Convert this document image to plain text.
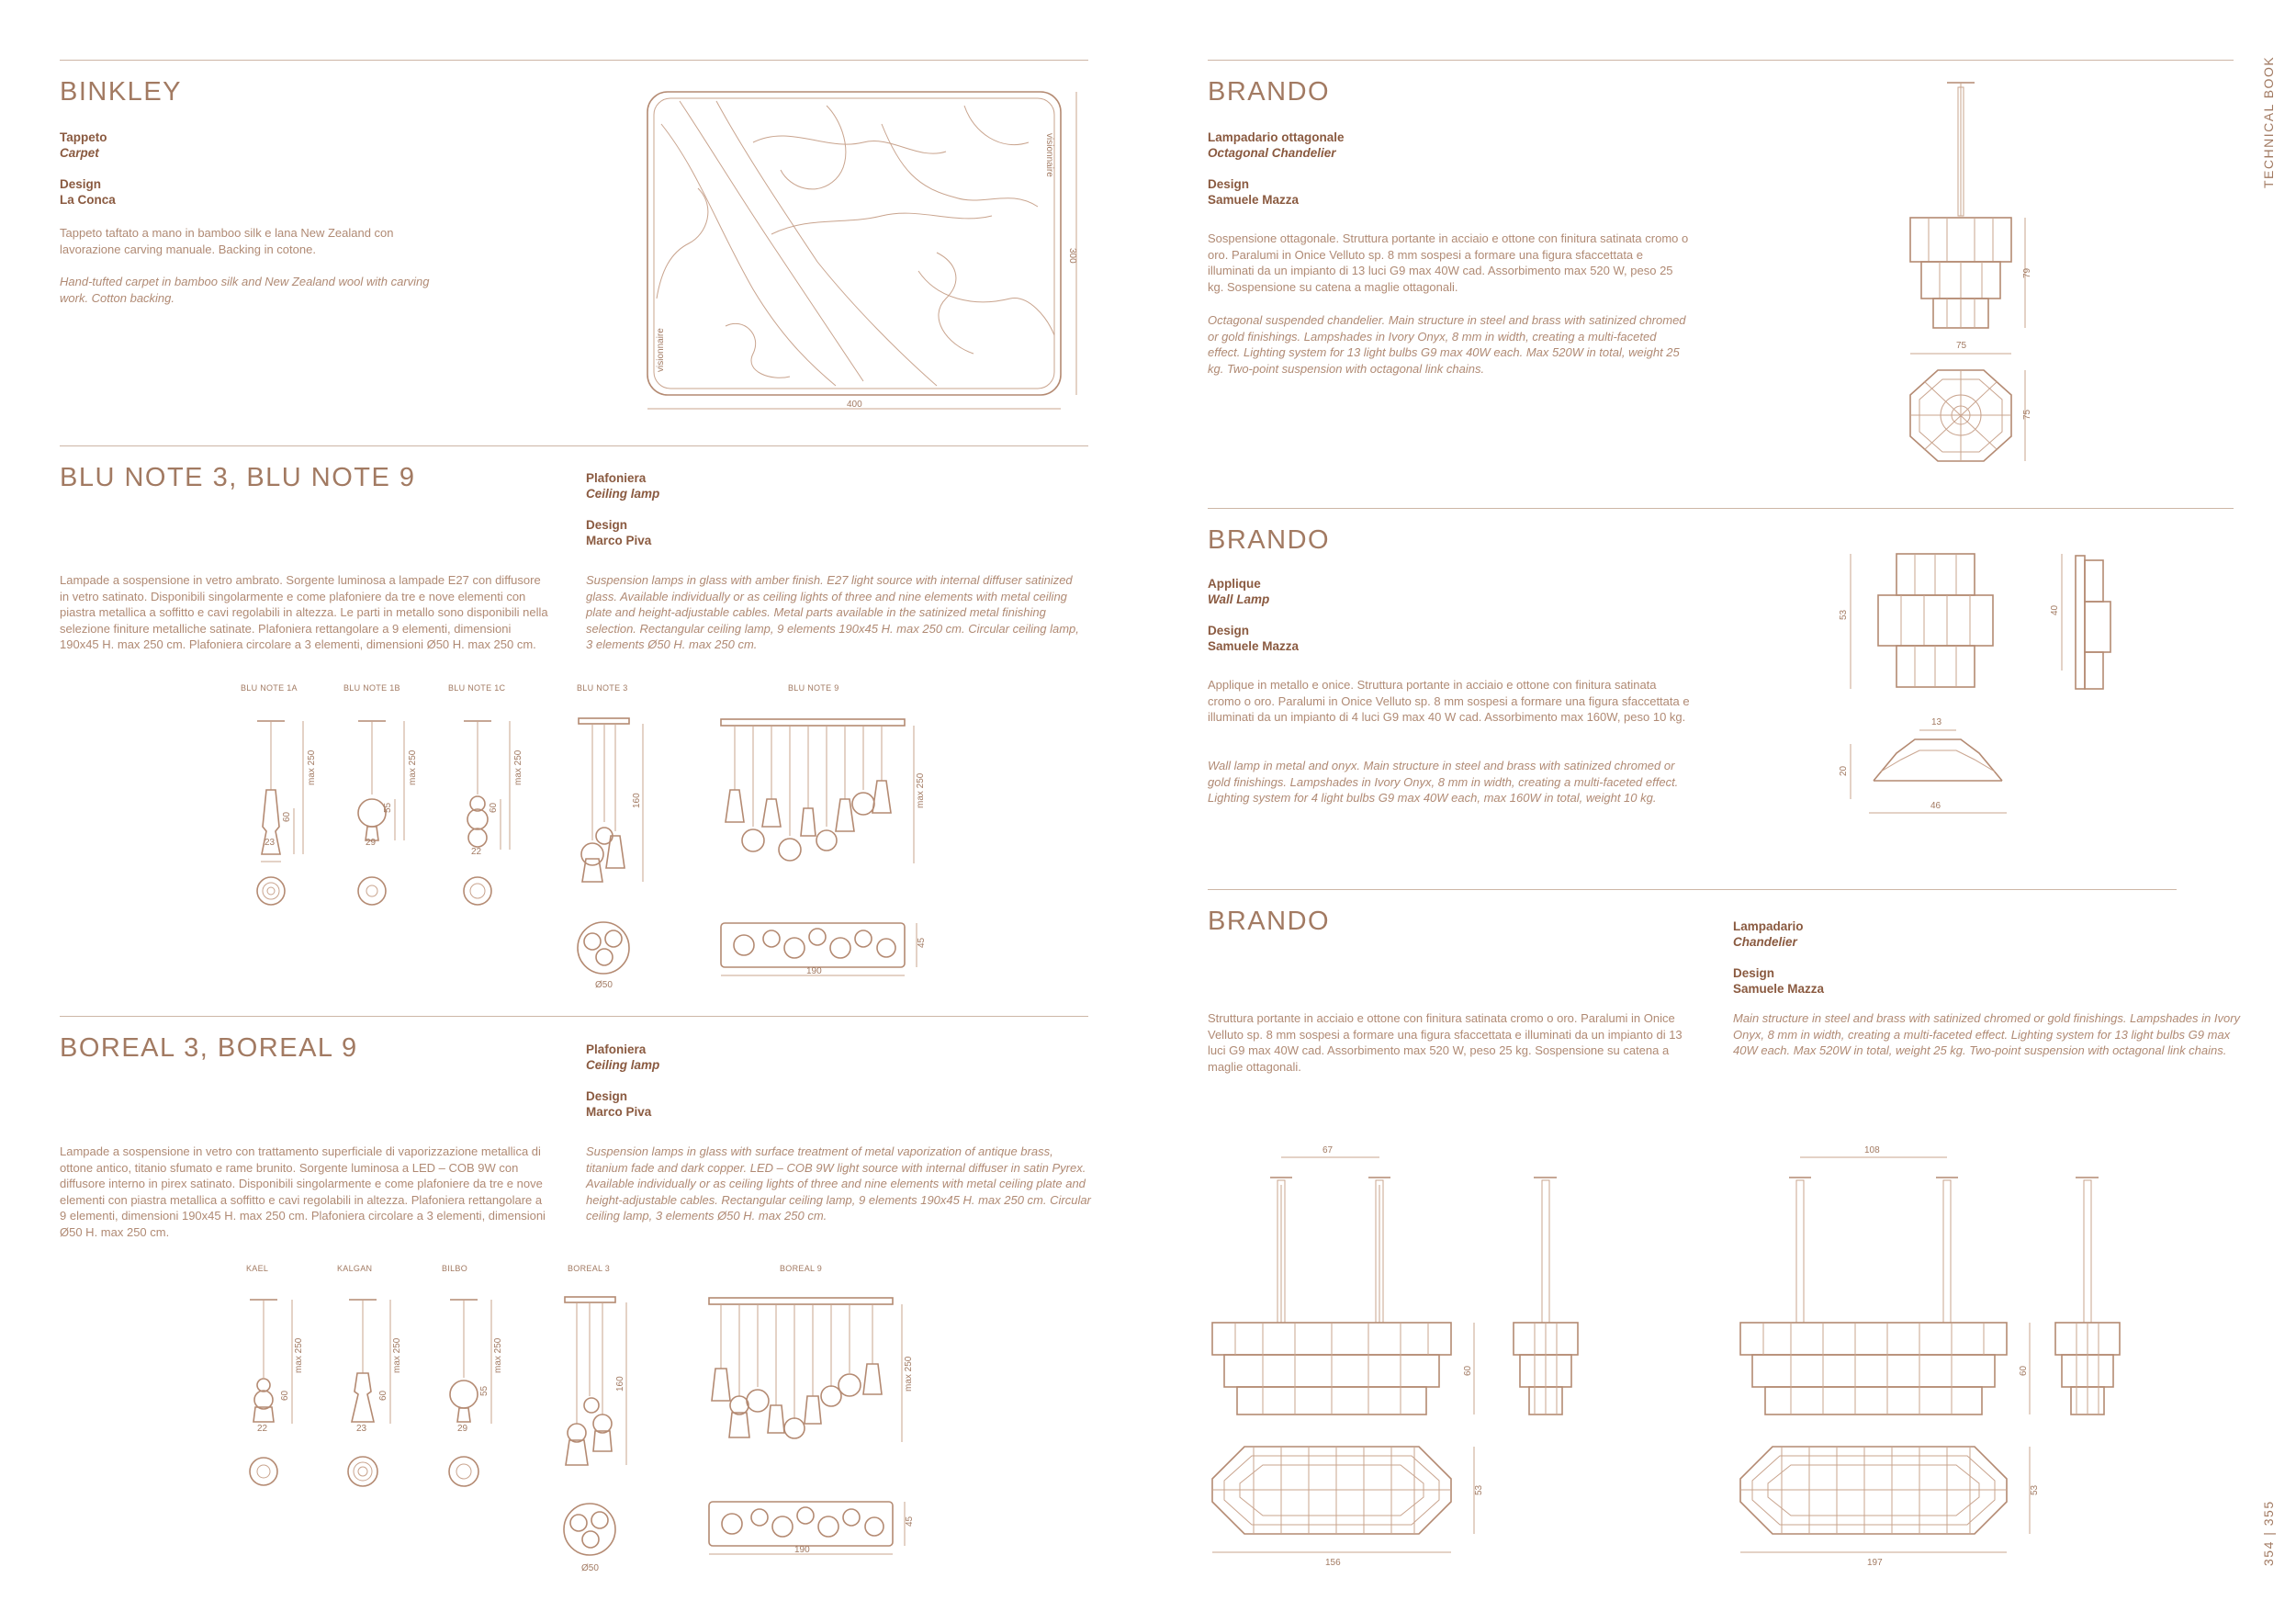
BINKLEY
Tappeto
Carpet
Design
La Conca
Tappeto taftato a mano in bamboo silk e lana New Zealand con lavorazione carving manuale. Backing in cotone.
Hand-tufted carpet in bamboo silk and New Zealand wool with carving work. Cotton backing.
300
400
visionnaire
visionnaire
BLU NOTE 3, BLU NOTE 9	Plafoniera
Ceiling lamp
Design
Marco Piva
Lampade a sospensione in vetro ambrato. Sorgente luminosa a lampade E27 con diffusore in vetro satinato. Disponibili singolarmente e come plafoniere da tre e nove elementi con piastra metallica a soffitto e cavi regolabili in altezza. Le parti in metallo sono disponibili nella selezione finiture metalliche satinate. Plafoniera rettangolare a 9 elementi, dimensioni 190x45 H. max 250 cm. Plafoniera circolare a 3 elementi, dimensioni Ø50 H. max 250 cm.
Suspension lamps in glass with amber finish. E27 light source with internal diffuser satinized glass. Available individually or as ceiling lights of three and nine elements with metal ceiling plate and height-adjustable cables. Metal parts available in the satinized metal finishing selection. Rectangular ceiling lamp, 9 elements 190x45 H. max 250 cm. Circular ceiling lamp, 3 elements Ø50 H. max 250 cm.
BLU NOTE 1A	BLU NOTE 1B	BLU NOTE 1C	BLU NOTE 3	BLU NOTE 9
60
max 250
23
55
max 250
29
60
max 250
22
160
Ø50
max 250
190
45
BOREAL 3, BOREAL 9	Plafoniera
Ceiling lamp
Design
Marco Piva
Lampade a sospensione in vetro con trattamento superficiale di vaporizzazione metallica di ottone antico, titanio sfumato e rame brunito. Sorgente luminosa a LED – COB 9W con diffusore interno in pirex satinato. Disponibili singolarmente e come plafoniere da tre e nove elementi con piastra metallica a soffitto e cavi regolabili in altezza. Plafoniera rettangolare a 9 elementi, dimensioni 190x45 H. max 250 cm. Plafoniera circolare a 3 elementi, dimensioni Ø50 H. max 250 cm.
Suspension lamps in glass with surface treatment of metal vaporization of antique brass, titanium fade and dark copper. LED – COB 9W light source with internal diffuser in satin Pyrex. Available individually or as ceiling lights of three and nine elements with metal ceiling plate and height-adjustable cables. Rectangular ceiling lamp, 9 elements 190x45 H. max 250 cm. Circular ceiling lamp, 3 elements Ø50 H. max 250 cm.
KAEL	KALGAN	BILBO	BOREAL 3	BOREAL 9
60
max 250
22
60
max 250
23
55
max 250
29
160
Ø50
max 250
190
45
BRANDO
Lampadario ottagonale
Octagonal Chandelier
Design
Samuele Mazza
Sospensione ottagonale. Struttura portante in acciaio e ottone con finitura satinata cromo o oro. Paralumi in Onice Velluto sp. 8 mm sospesi a formare una figura sfaccettata e illuminati da un impianto di 13 luci G9 max 40W cad. Assorbimento max 520 W, peso 25 kg. Sospensione su catena a maglie ottagonali.
Octagonal suspended chandelier. Main structure in steel and brass with satinized chromed or gold finishings. Lampshades in Ivory Onyx, 8 mm in width, creating a multi-faceted effect. Lighting system for 13 light bulbs G9 max 40W each. Max 520W in total, weight 25 kg. Two-point suspension with octagonal link chains.
79
75
75
BRANDO
Applique
Wall Lamp
Design
Samuele Mazza
Applique in metallo e onice. Struttura portante in acciaio e ottone con finitura satinata cromo o oro. Paralumi in Onice Velluto sp. 8 mm sospesi a formare una figura sfaccettata e illuminati da un impianto di 4 luci G9 max 40 W cad. Assorbimento max 160W, peso 10 kg.
Wall lamp in metal and onyx. Main structure in steel and brass with satinized chromed or gold finishings. Lampshades in Ivory Onyx, 8 mm in width, creating a multi-faceted effect. Lighting system for 4 light bulbs G9 max 40W each, max 160W in total, weight 10 kg.
53	40
13
20
46
BRANDO	Lampadario
Chandelier
Design
Samuele Mazza
Struttura portante in acciaio e ottone con finitura satinata cromo o oro. Paralumi in Onice Velluto sp. 8 mm sospesi a formare una figura sfaccettata e illuminati da un impianto di 13 luci G9 max 40W cad. Assorbimento max 520 W, peso 25 kg. Sospensione su catena a maglie ottagonali.
Main structure in steel and brass with satinized chromed or gold finishings. Lampshades in Ivory Onyx, 8 mm in width, creating a multi-faceted effect. Lighting system for 13 light bulbs G9 max 40W each. Max 520W in total, weight 25 kg. Two-point suspension with octagonal link chains.
67
60
53
156
108
60
53
197
TECHNICAL BOOK
354 | 355
